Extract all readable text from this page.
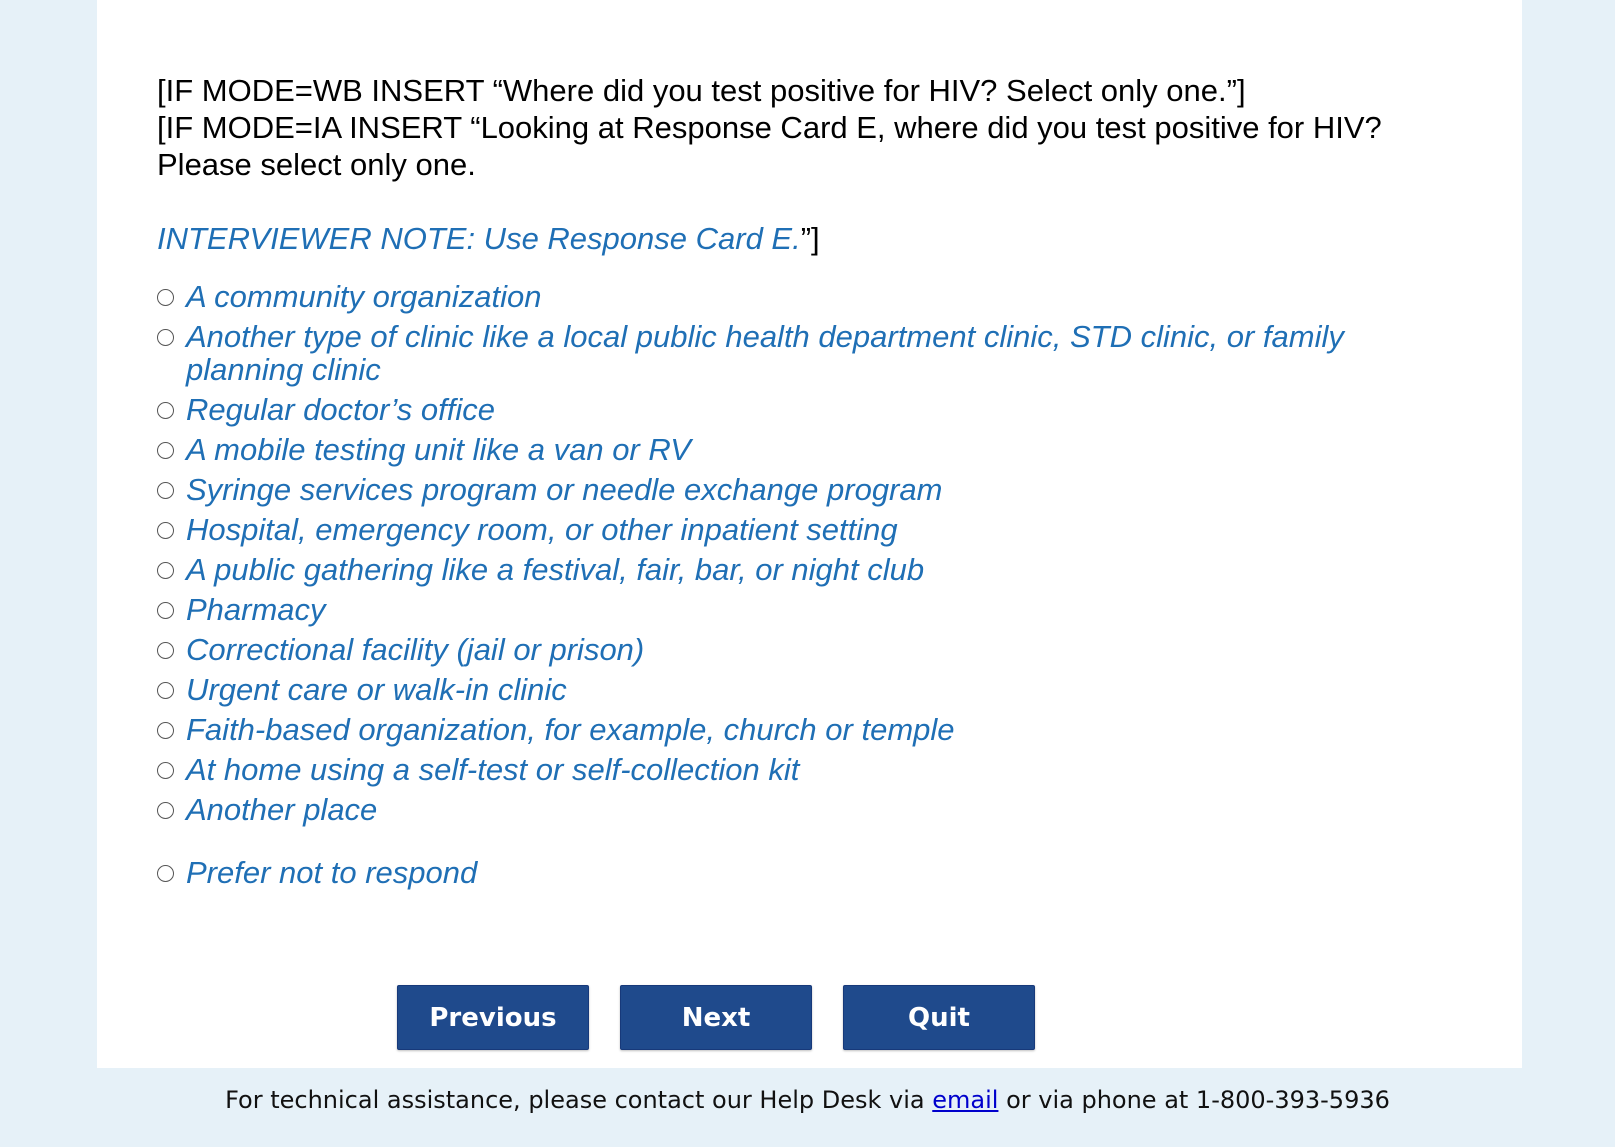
[IF MODE=WB INSERT “Where did you test positive for HIV? Select only one.”]

[IF MODE=IA INSERT “Looking at Response Card E, where did you test positive for HIV? Please select only one.

INTERVIEWER NOTE: Use Response Card E.”]
A community organization
Another type of clinic like a local public health department clinic, STD clinic, or family planning clinic
Regular doctor’s office
A mobile testing unit like a van or RV
Syringe services program or needle exchange program
Hospital, emergency room, or other inpatient setting
A public gathering like a festival, fair, bar, or night club
Pharmacy
Correctional facility (jail or prison)
Urgent care or walk-in clinic
Faith-based organization, for example, church or temple
At home using a self-test or self-collection kit
Another place
Prefer not to respond
Previous	Next	Quit
For technical assistance, please contact our Help Desk via email or via phone at 1-800-393-5936
